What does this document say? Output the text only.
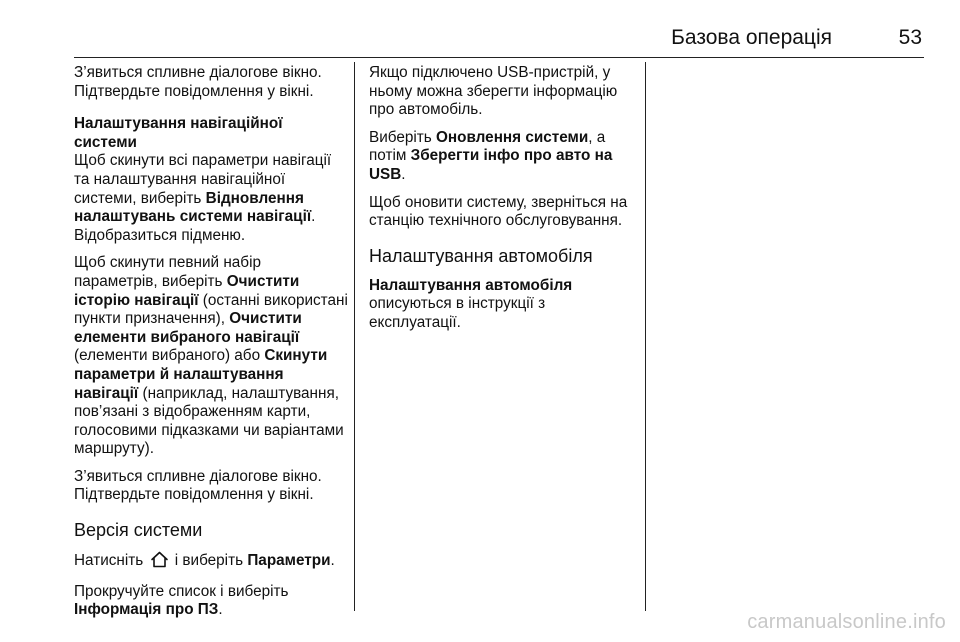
Базова операція	53

З’явиться спливне діалогове вікно. Підтвердьте повідомлення у вікні.

Налаштування навігаційної системи

Щоб скинути всі параметри навігації та налаштування навігаційної системи, виберіть Відновлення налаштувань системи навігації. Відобразиться підменю.

Щоб скинути певний набір параметрів, виберіть Очистити історію навігації (останні використані пункти призначення), Очистити елементи вибраного навігації (елементи вибраного) або Скинути параметри й налаштування навігації (наприклад, налаштування, пов’язані з відображенням карти, голосовими підказками чи варіантами маршруту).

З’явиться спливне діалогове вікно. Підтвердьте повідомлення у вікні.

Версія системи

Натисніть  і виберіть Параметри.

Прокручуйте список і виберіть Інформація про ПЗ.

Якщо підключено USB-пристрій, у ньому можна зберегти інформацію про автомобіль.

Виберіть Оновлення системи, а потім Зберегти інфо про авто на USB.

Щоб оновити систему, зверніться на станцію технічного обслуговування.

Налаштування автомобіля
Налаштування автомобіля

описуються в інструкції з експлуатації.

carmanualsonline.info
